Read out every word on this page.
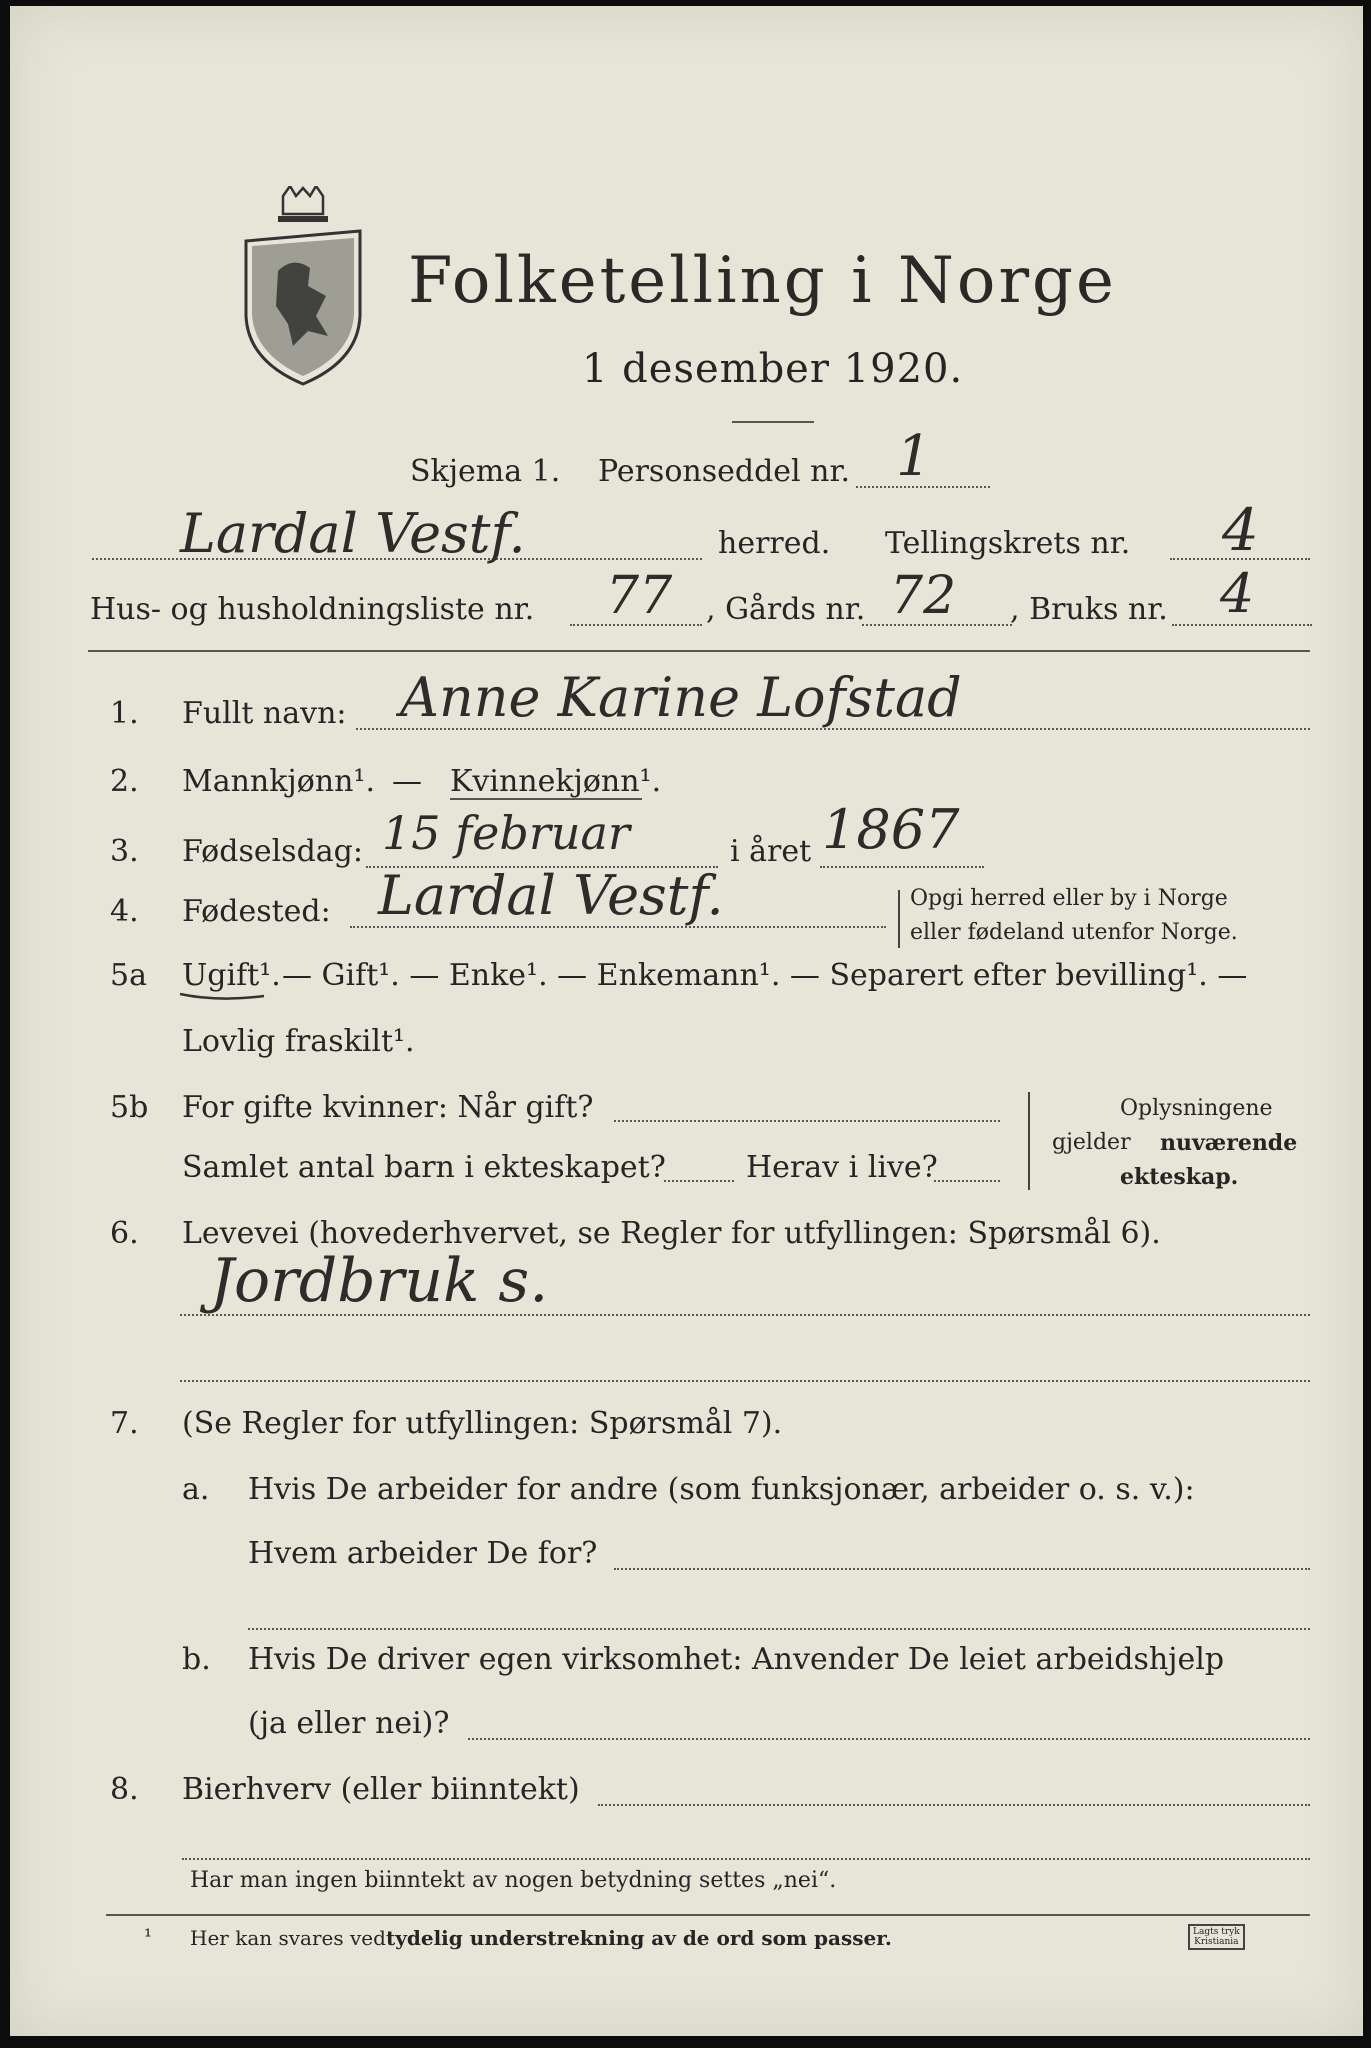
Folketelling i Norge
1 desember 1920.
Skjema 1. Personseddel nr. 1
Lardal Vestf.	herred. Tellingskrets nr. 4
Hus- og husholdningsliste nr. 77 , Gårds nr. 72 , Bruks nr. 4
1. Fullt navn: Anne Karine Lofstad
2. Mannkjønn¹. — Kvinnekjønn¹.
3. Fødselsdag: 15 februar	i året 1867
4. Fødested: Lardal Vestf.	Opgi herred eller by i Norge
eller fødeland utenfor Norge.
5a Ugift¹. — Gift¹. — Enke¹. — Enkemann¹. — Separert efter bevilling¹. —
Lovlig fraskilt¹.
5b For gifte kvinner: Når gift?
Samlet antal barn i ekteskapet?	Herav i live?
Oplysningene
gjelder nuværende
ekteskap.
6. Levevei (hovederhvervet, se Regler for utfyllingen: Spørsmål 6).
Jordbruk s.
7. (Se Regler for utfyllingen: Spørsmål 7).
a. Hvis De arbeider for andre (som funksjonær, arbeider o. s. v.):
Hvem arbeider De for?
b. Hvis De driver egen virksomhet: Anvender De leiet arbeidshjelp
(ja eller nei)?
8. Bierhverv (eller biinntekt)
Har man ingen biinntekt av nogen betydning settes „nei“.
¹ Her kan svares ved tydelig understrekning av de ord som passer.	Lagts tryk
Kristiania
